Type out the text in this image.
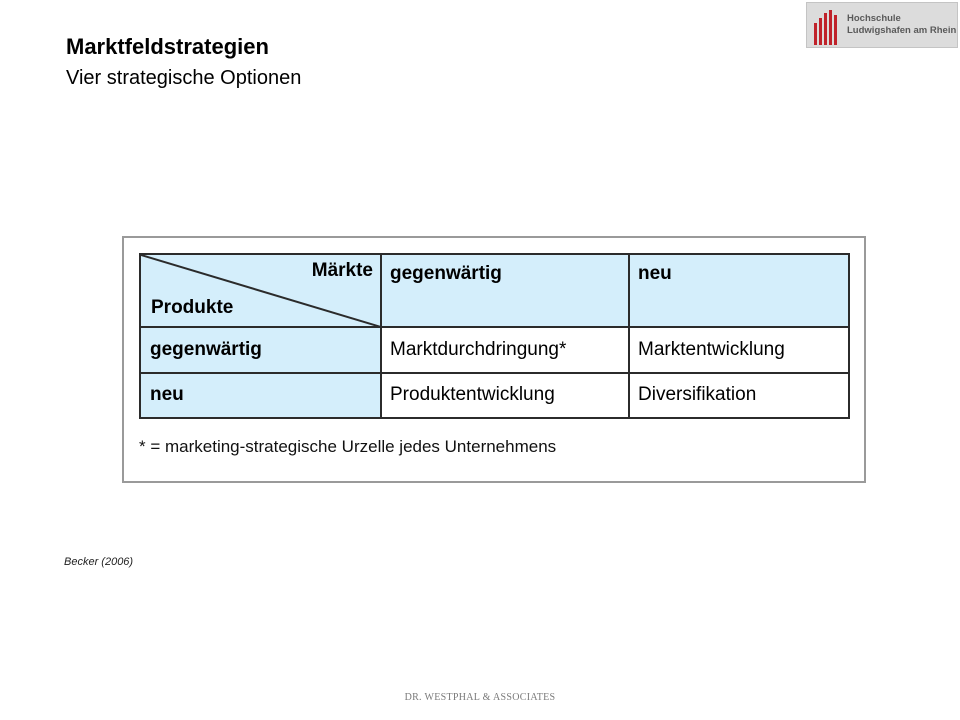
Marktfeldstrategien
Vier strategische Optionen
Hochschule
Ludwigshafen am Rhein
Märkte
Produkte
gegenwärtig	neu
gegenwärtig	Marktdurchdringung*	Marktentwicklung
neu	Produktentwicklung	Diversifikation
* = marketing-strategische Urzelle jedes Unternehmens
Becker (2006)
DR. WESTPHAL & ASSOCIATES
